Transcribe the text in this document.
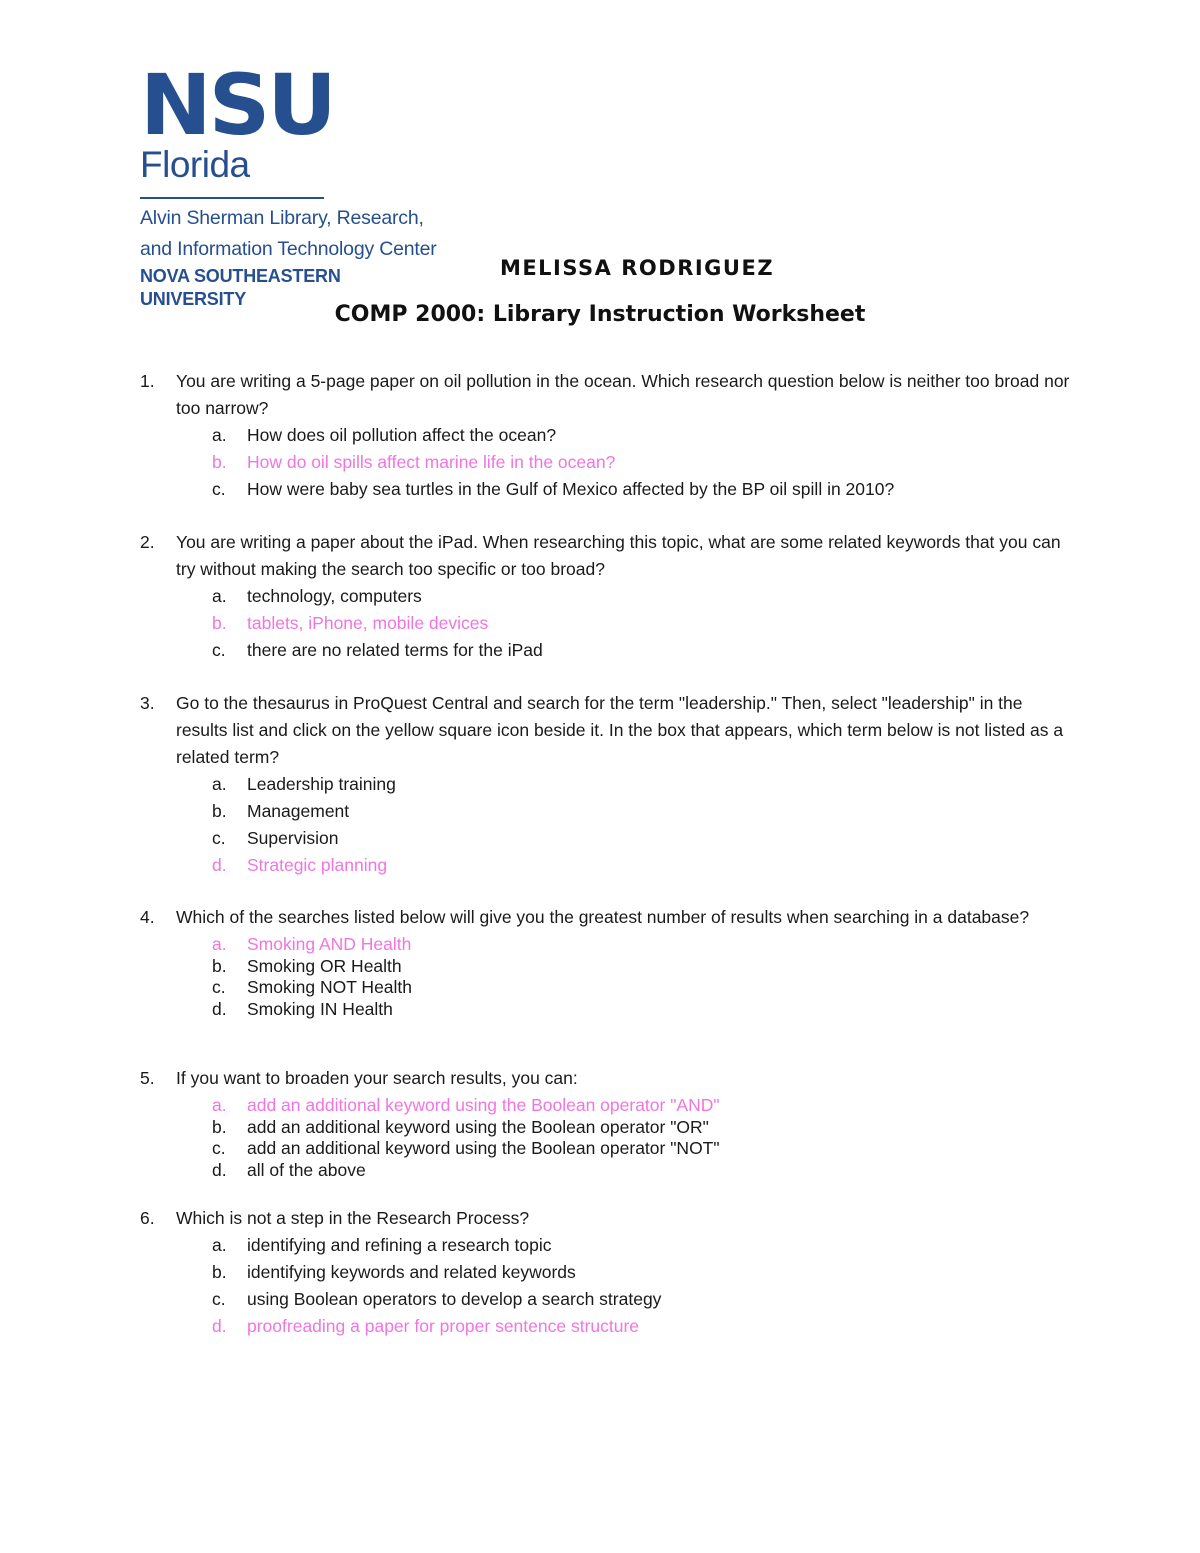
NSU
Florida
Alvin Sherman Library, Research,
and Information Technology Center
NOVA SOUTHEASTERN
UNIVERSITY
MELISSA RODRIGUEZ
COMP 2000: Library Instruction Worksheet
1.	You are writing a 5-page paper on oil pollution in the ocean. Which research question below is neither too broad nor too narrow?
a. How does oil pollution affect the ocean?
b. How do oil spills affect marine life in the ocean?
c. How were baby sea turtles in the Gulf of Mexico affected by the BP oil spill in 2010?
2.	You are writing a paper about the iPad. When researching this topic, what are some related keywords that you can try without making the search too specific or too broad?
a. technology, computers
b. tablets, iPhone, mobile devices
c. there are no related terms for the iPad
3.	Go to the thesaurus in ProQuest Central and search for the term "leadership." Then, select "leadership" in the results list and click on the yellow square icon beside it. In the box that appears, which term below is not listed as a related term?
a. Leadership training
b. Management
c. Supervision
d. Strategic planning
4.	Which of the searches listed below will give you the greatest number of results when searching in a database?
a. Smoking AND Health
b. Smoking OR Health
c. Smoking NOT Health
d. Smoking IN Health
5.	If you want to broaden your search results, you can:
a. add an additional keyword using the Boolean operator "AND"
b. add an additional keyword using the Boolean operator "OR"
c. add an additional keyword using the Boolean operator "NOT"
d. all of the above
6.	Which is not a step in the Research Process?
a. identifying and refining a research topic
b. identifying keywords and related keywords
c. using Boolean operators to develop a search strategy
d. proofreading a paper for proper sentence structure
